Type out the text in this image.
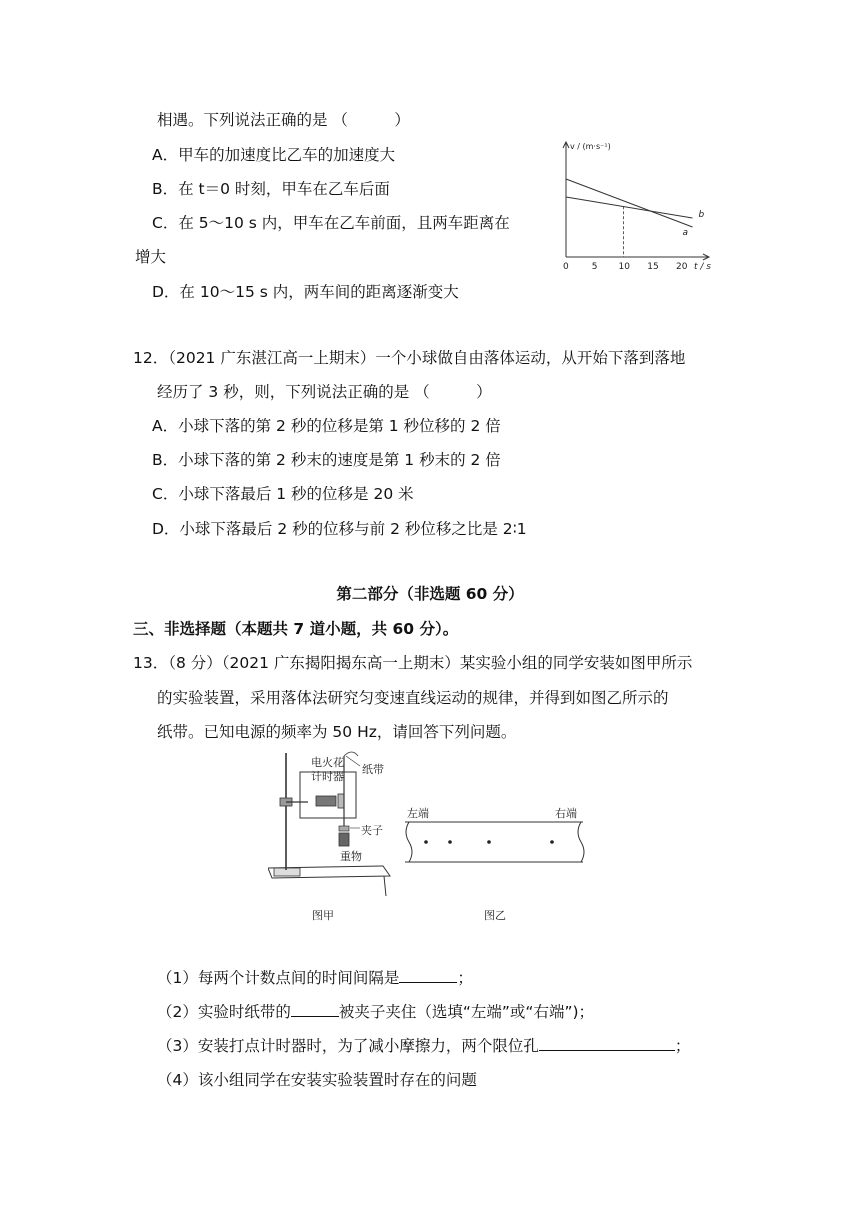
相遇。下列说法正确的是 （　　　）
A．甲车的加速度比乙车的加速度大
B．在 t＝0 时刻，甲车在乙车后面
C．在 5～10 s 内，甲车在乙车前面，且两车距离在
增大
D．在 10～15 s 内，两车间的距离逐渐变大
a
b
0	5 10 15 20
v / (m·s⁻¹)
t / s
12．（2021 广东湛江高一上期末）一个小球做自由落体运动，从开始下落到落地
经历了 3 秒，则，下列说法正确的是 （　　　）
A．小球下落的第 2 秒的位移是第 1 秒位移的 2 倍
B．小球下落的第 2 秒末的速度是第 1 秒末的 2 倍
C．小球下落最后 1 秒的位移是 20 米
D．小球下落最后 2 秒的位移与前 2 秒位移之比是 2∶1
第二部分（非选题 60 分）
三、非选择题（本题共 7 道小题，共 60 分）。
13．（8 分）（2021 广东揭阳揭东高一上期末）某实验小组的同学安装如图甲所示
的实验装置，采用落体法研究匀变速直线运动的规律，并得到如图乙所示的
纸带。已知电源的频率为 50 Hz，请回答下列问题。
电火花
计时器
纸带
夹子
重物
图甲
左端	右端
图乙
（1）每两个计数点间的时间间隔是	；
（2）实验时纸带的	被夹子夹住（选填“左端”或“右端”)；
（3）安装打点计时器时，为了减小摩擦力，两个限位孔	；
（4）该小组同学在安装实验装置时存在的问题
